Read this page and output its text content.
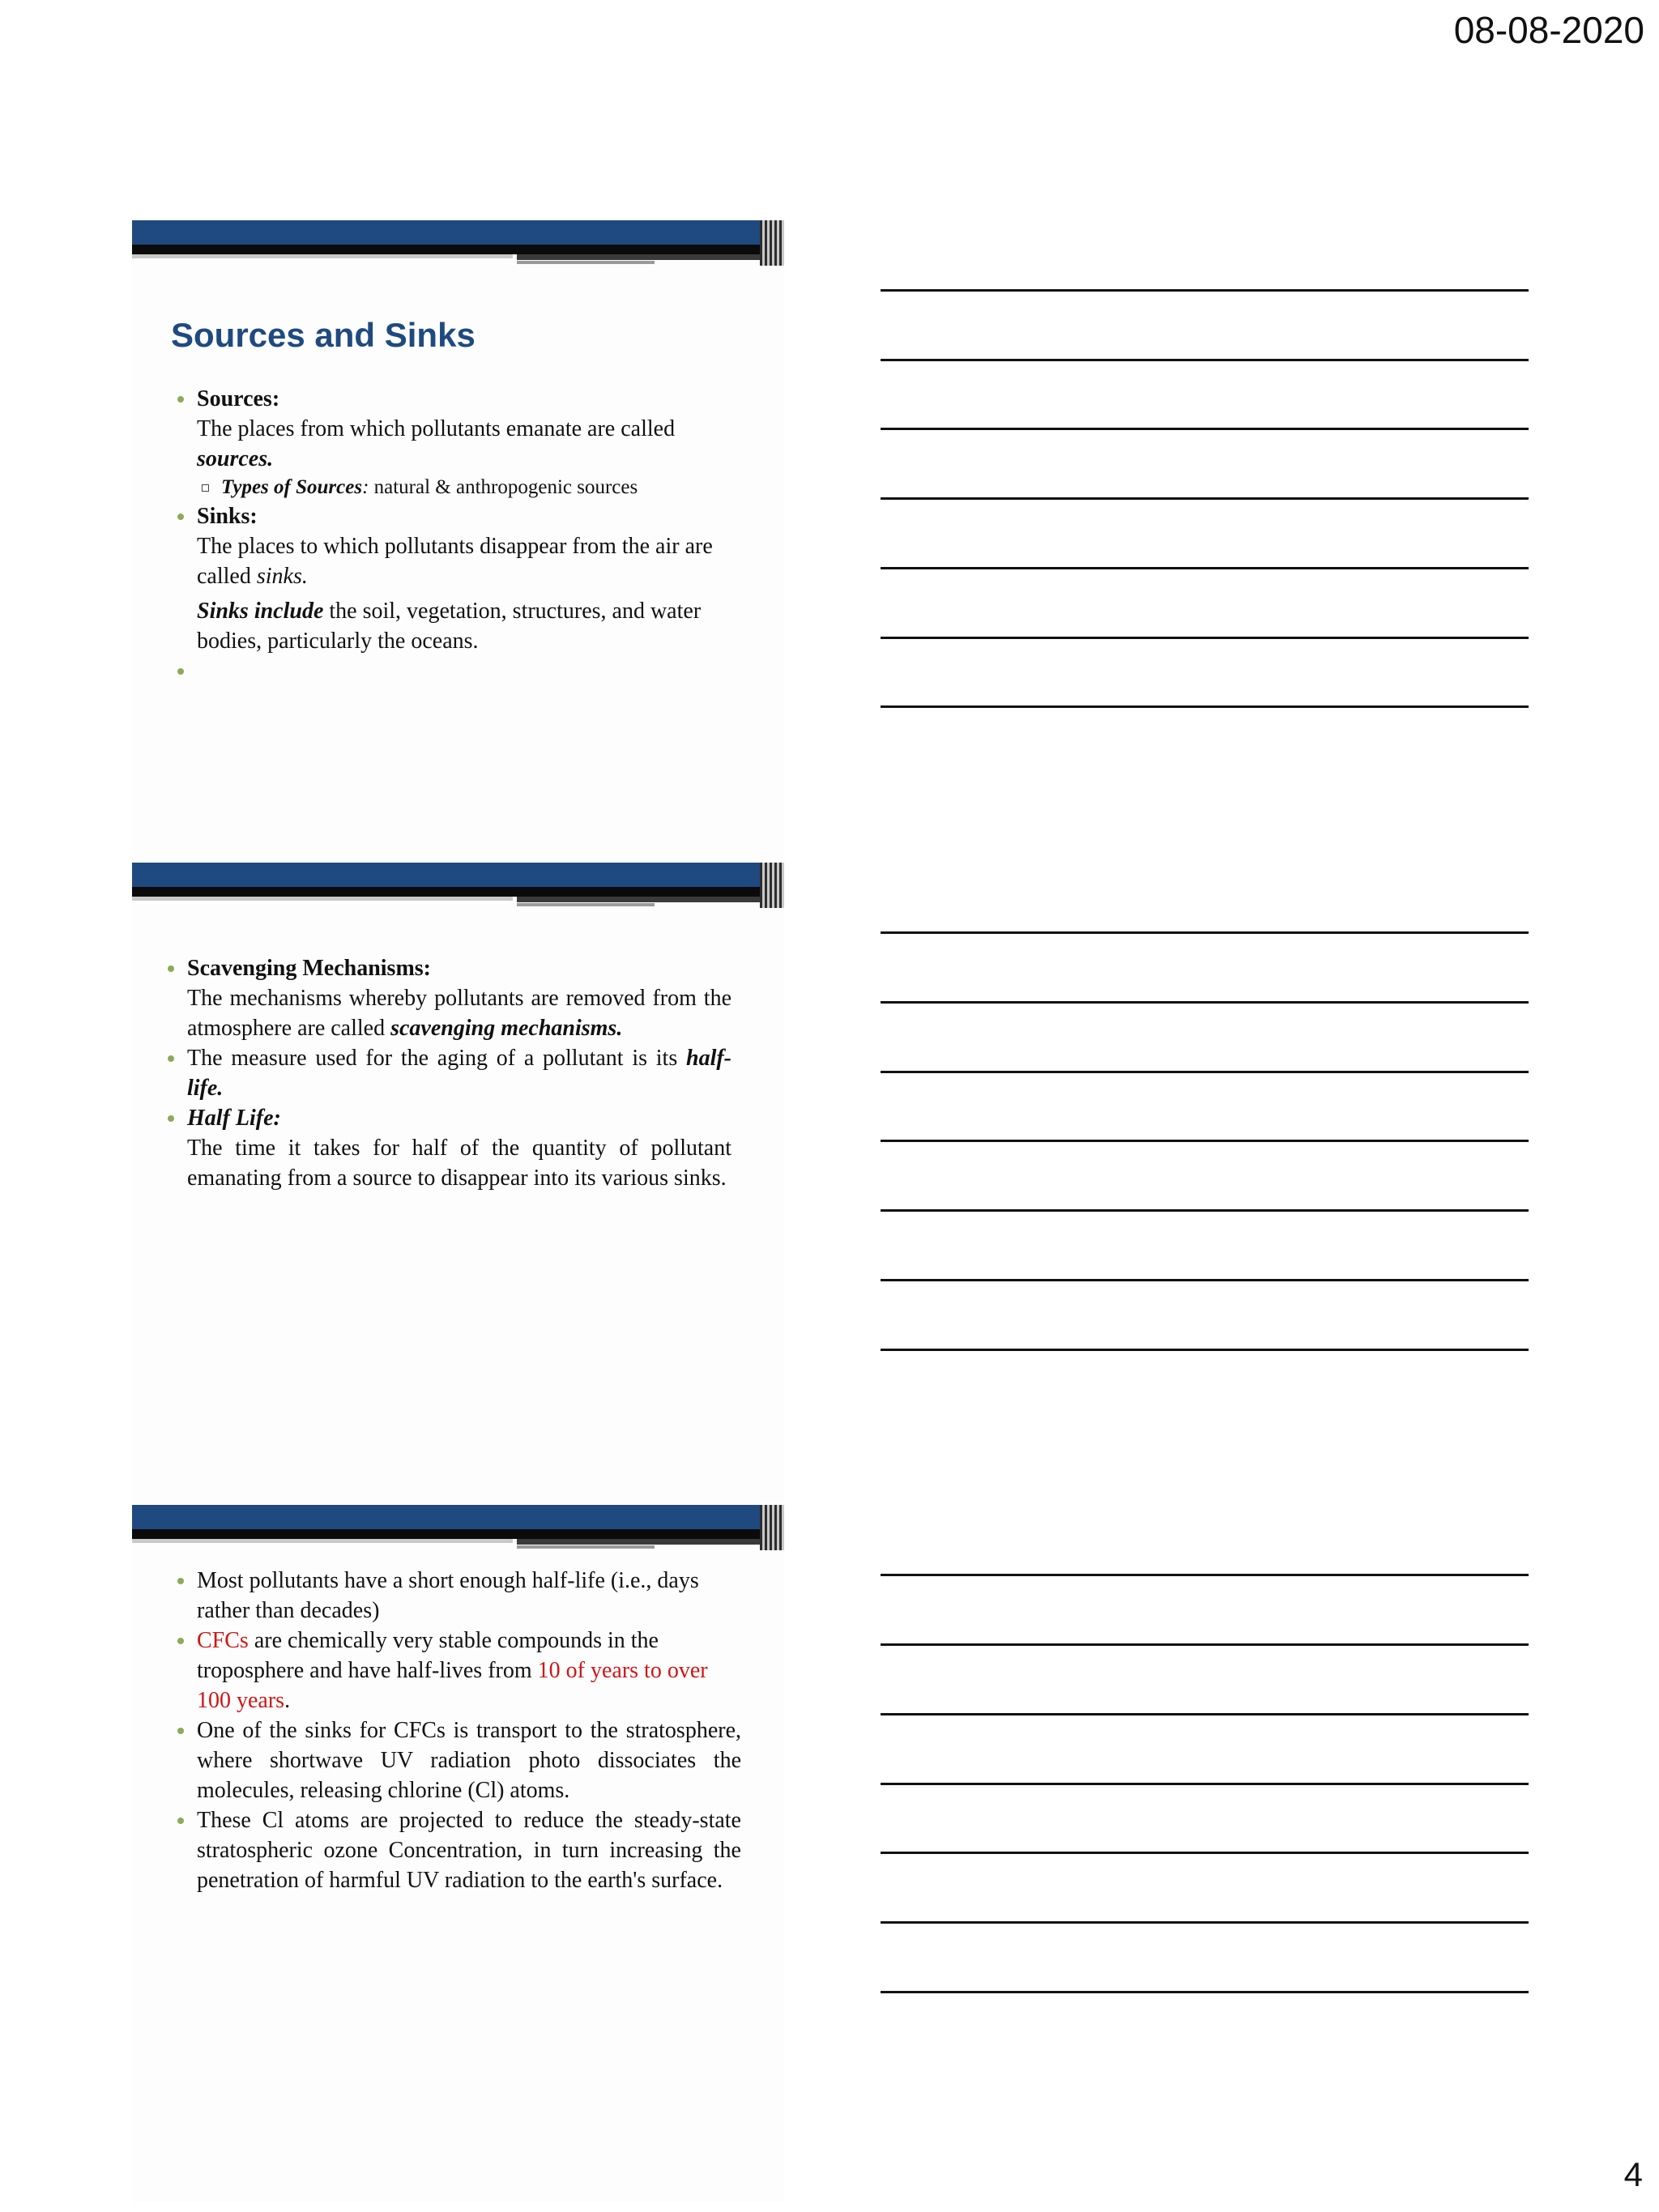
08-08-2020
Sources and Sinks
Sources:
The places from which pollutants emanate are called
sources.
Types of Sources: natural & anthropogenic sources
Sinks:
The places to which pollutants disappear from the air are called sinks.
Sinks include the soil, vegetation, structures, and water bodies, particularly the oceans.

Scavenging Mechanisms:
The mechanisms whereby pollutants are removed from the atmosphere are called scavenging mechanisms.
The measure used for the aging of a pollutant is its half-life.
Half Life:
The time it takes for half of the quantity of pollutant emanating from a source to disappear into its various sinks.
Most pollutants have a short enough half-life (i.e., days rather than decades)
CFCs are chemically very stable compounds in the troposphere and have half-lives from 10 of years to over 100 years.
One of the sinks for CFCs is transport to the stratosphere, where shortwave UV radiation photo dissociates the molecules, releasing chlorine (Cl) atoms.
These Cl atoms are projected to reduce the steady-state stratospheric ozone Concentration, in turn increasing the penetration of harmful UV radiation to the earth's surface.
4
